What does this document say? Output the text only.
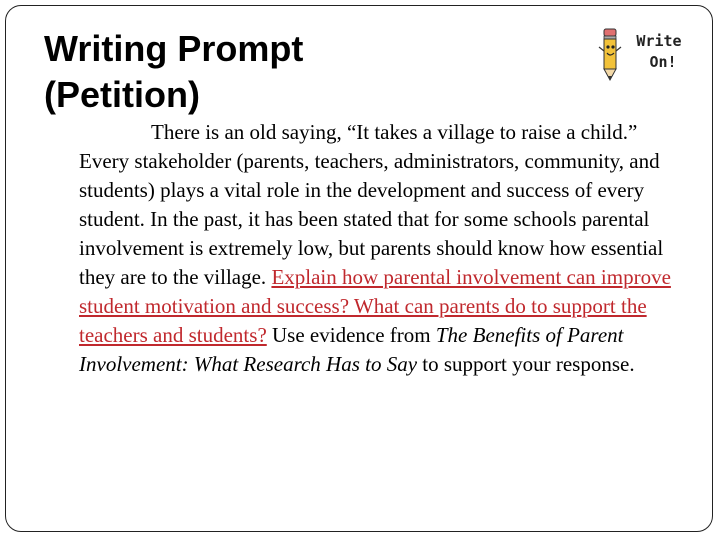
Writing Prompt
(Petition)
Write
On!

There is an old saying, “It takes a village to raise a child.” Every stakeholder (parents, teachers, administrators, community, and students) plays a vital role in the development and success of every student. In the past, it has been stated that for some schools parental involvement is extremely low, but parents should know how essential they are to the village. Explain how parental involvement can improve student motivation and success? What can parents do to support the teachers and students? Use evidence from The Benefits of Parent Involvement: What Research Has to Say to support your response.
